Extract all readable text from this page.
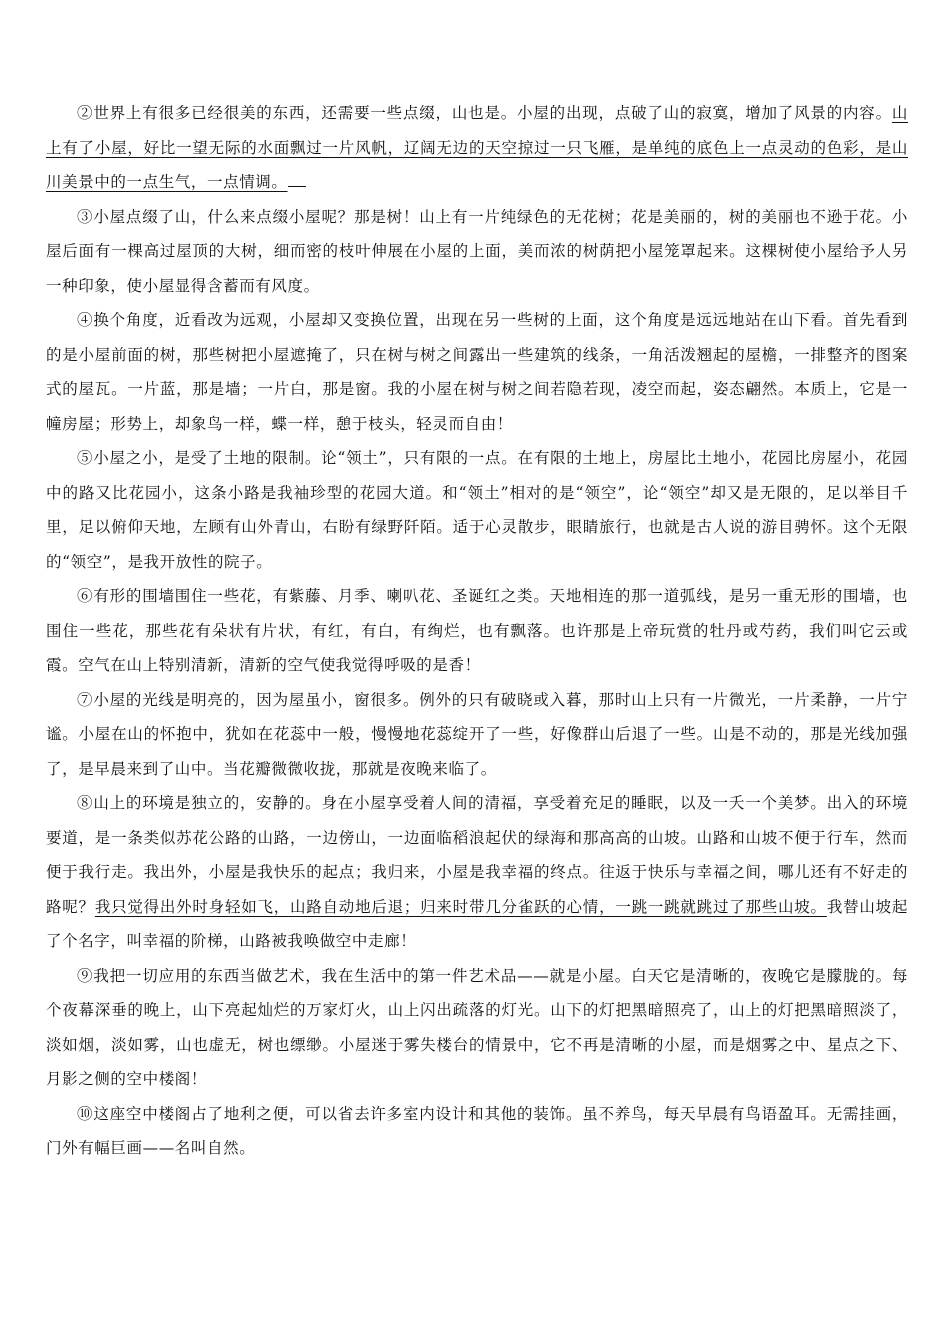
②世界上有很多已经很美的东西，还需要一些点缀，山也是。小屋的出现，点破了山的寂寞，增加了风景的内容。山上有了小屋，好比一望无际的水面飘过一片风帆，辽阔无边的天空掠过一只飞雁，是单纯的底色上一点灵动的色彩，是山川美景中的一点生气，一点情调。

③小屋点缀了山，什么来点缀小屋呢？那是树！山上有一片纯绿色的无花树；花是美丽的，树的美丽也不逊于花。小屋后面有一棵高过屋顶的大树，细而密的枝叶伸展在小屋的上面，美而浓的树荫把小屋笼罩起来。这棵树使小屋给予人另一种印象，使小屋显得含蓄而有风度。

④换个角度，近看改为远观，小屋却又变换位置，出现在另一些树的上面，这个角度是远远地站在山下看。首先看到的是小屋前面的树，那些树把小屋遮掩了，只在树与树之间露出一些建筑的线条，一角活泼翘起的屋檐，一排整齐的图案式的屋瓦。一片蓝，那是墙；一片白，那是窗。我的小屋在树与树之间若隐若现，凌空而起，姿态翩然。本质上，它是一幢房屋；形势上，却象鸟一样，蝶一样，憩于枝头，轻灵而自由！

⑤小屋之小，是受了土地的限制。论“领土”，只有限的一点。在有限的土地上，房屋比土地小，花园比房屋小，花园中的路又比花园小，这条小路是我袖珍型的花园大道。和“领土”相对的是“领空”，论“领空”却又是无限的，足以举目千里，足以俯仰天地，左顾有山外青山，右盼有绿野阡陌。适于心灵散步，眼睛旅行，也就是古人说的游目骋怀。这个无限的“领空”，是我开放性的院子。

⑥有形的围墙围住一些花，有紫藤、月季、喇叭花、圣诞红之类。天地相连的那一道弧线，是另一重无形的围墙，也围住一些花，那些花有朵状有片状，有红，有白，有绚烂，也有飘落。也许那是上帝玩赏的牡丹或芍药，我们叫它云或霞。空气在山上特别清新，清新的空气使我觉得呼吸的是香！

⑦小屋的光线是明亮的，因为屋虽小，窗很多。例外的只有破晓或入暮，那时山上只有一片微光，一片柔静，一片宁谧。小屋在山的怀抱中，犹如在花蕊中一般，慢慢地花蕊绽开了一些，好像群山后退了一些。山是不动的，那是光线加强了，是早晨来到了山中。当花瓣微微收拢，那就是夜晚来临了。

⑧山上的环境是独立的，安静的。身在小屋享受着人间的清福，享受着充足的睡眠，以及一夭一个美梦。出入的环境要道，是一条类似苏花公路的山路，一边傍山，一边面临稻浪起伏的绿海和那高高的山坡。山路和山坡不便于行车，然而便于我行走。我出外，小屋是我快乐的起点；我归来，小屋是我幸福的终点。往返于快乐与幸福之间，哪儿还有不好走的路呢？我只觉得出外时身轻如飞，山路自动地后退；归来时带几分雀跃的心情，一跳一跳就跳过了那些山坡。我替山坡起了个名字，叫幸福的阶梯，山路被我唤做空中走廊！

⑨我把一切应用的东西当做艺术，我在生活中的第一件艺术品——就是小屋。白天它是清晰的，夜晚它是朦胧的。每个夜幕深垂的晚上，山下亮起灿烂的万家灯火，山上闪出疏落的灯光。山下的灯把黑暗照亮了，山上的灯把黑暗照淡了，淡如烟，淡如雾，山也虚无，树也缥缈。小屋迷于雾失楼台的情景中，它不再是清晰的小屋，而是烟雾之中、星点之下、月影之侧的空中楼阁！

⑩这座空中楼阁占了地利之便，可以省去许多室内设计和其他的装饰。虽不养鸟，每天早晨有鸟语盈耳。无需挂画，门外有幅巨画——名叫自然。
